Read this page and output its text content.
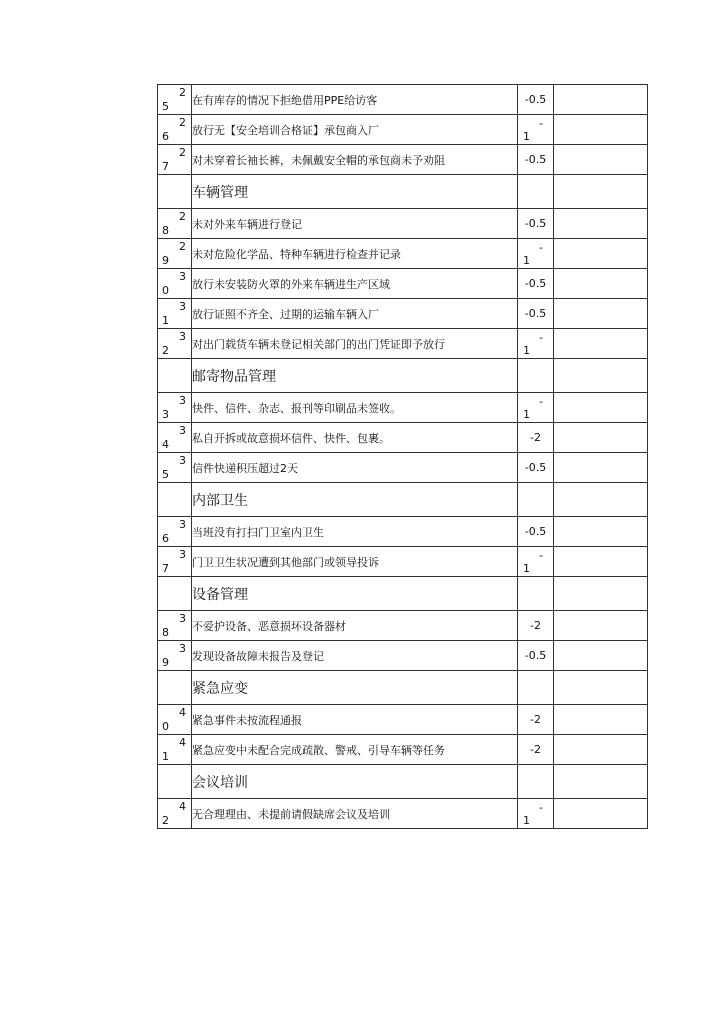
2
5	在有库存的情况下拒绝借用PPE给访客	-0.5	

2
6	放行无【安全培训合格证】承包商入厂	-
1	

2
7	对未穿着长袖长裤，未佩戴安全帽的承包商未予劝阻	-0.5	
	车辆管理		

2
8	未对外来车辆进行登记	-0.5	

2
9	未对危险化学品、特种车辆进行检查并记录	-
1	

3
0	放行未安装防火罩的外来车辆进生产区域	-0.5	

3
1	放行证照不齐全、过期的运输车辆入厂	-0.5	

3
2	对出门载货车辆未登记相关部门的出门凭证即予放行	-
1	

	邮寄物品管理		

3
3	快件、信件、杂志、报刊等印刷品未签收。	-
1	

3
4	私自开拆或故意损坏信件、快件、包裹。	-2	

3
5	信件快递积压超过2天	-0.5	
	内部卫生		

3
6	当班没有打扫门卫室内卫生	-0.5	

3
7	门卫卫生状况遭到其他部门或领导投诉	-
1	

	设备管理		

3
8	不爱护设备、恶意损坏设备器材	-2	

3
9	发现设备故障未报告及登记	-0.5	
	紧急应变		

4
0	紧急事件未按流程通报	-2	

4
1	紧急应变中未配合完成疏散、警戒、引导车辆等任务	-2	
	会议培训		

4
2	无合理理由、未提前请假缺席会议及培训	-
1	
